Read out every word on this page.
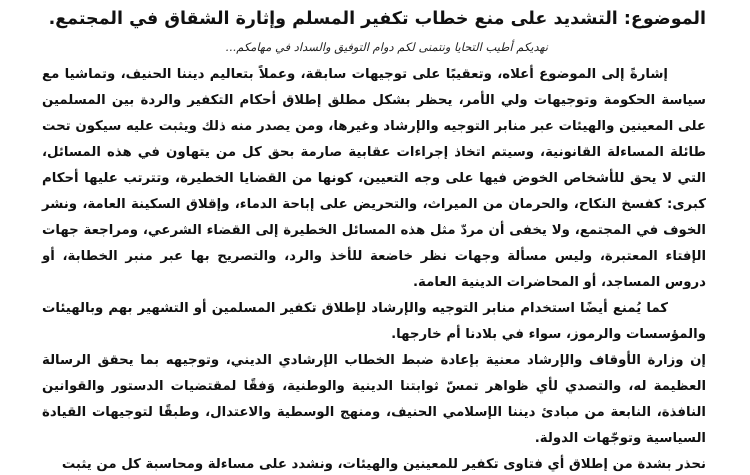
الموضوع: التشديد على منع خطاب تكفير المسلم وإثارة الشقاق في المجتمع.

نهديكم أطيب التحايا ونتمنى لكم دوام التوفيق والسداد في مهامكم...

إشارةً إلى الموضوع أعلاه، وتعقيبًا على توجيهات سابقة، وعملاً بتعاليم ديننا الحنيف، وتماشيا مع سياسة الحكومة وتوجيهات ولي الأمر، يحظر بشكل مطلق إطلاق أحكام التكفير والردة بين المسلمين على المعينين والهيئات عبر منابر التوجيه والإرشاد وغيرها، ومن يصدر منه ذلك ويثبت عليه سيكون تحت طائلة المساءلة القانونية، وسيتم اتخاذ إجراءات عقابية صارمة بحق كل من يتهاون في هذه المسائل، التي لا يحق للأشخاص الخوض فيها على وجه التعيين، كونها من القضايا الخطيرة، وتترتب عليها أحكام كبرى: كفسخ النكاح، والحرمان من الميراث، والتحريض على إباحة الدماء، وإقلاق السكينة العامة، ونشر الخوف في المجتمع، ولا يخفى أن مردّ مثل هذه المسائل الخطيرة إلى القضاء الشرعي، ومراجعة جهات الإفتاء المعتبرة، وليس مسألة وجهات نظر خاضعة للأخذ والرد، والتصريح بها عبر منبر الخطابة، أو دروس المساجد، أو المحاضرات الدينية العامة.

كما يُمنع أيضًا استخدام منابر التوجيه والإرشاد لإطلاق تكفير المسلمين أو التشهير بهم وبالهيئات والمؤسسات والرموز، سواء في بلادنا أم خارجها.

إن وزارة الأوقاف والإرشاد معنية بإعادة ضبط الخطاب الإرشادي الديني، وتوجيهه بما يحقق الرسالة العظيمة له، والتصدي لأي ظواهر تمسّ ثوابتنا الدينية والوطنية، وَفقًا لمقتضيات الدستور والقوانين النافذة، النابعة من مبادئ ديننا الإسلامي الحنيف، ومنهج الوسطية والاعتدال، وطبقًا لتوجيهات القيادة السياسية وتوجّهات الدولة.

نحذر بشدة من إطلاق أي فتاوى تكفير للمعينين والهيئات، ونشدد على مساءلة ومحاسبة كل من يثبت
